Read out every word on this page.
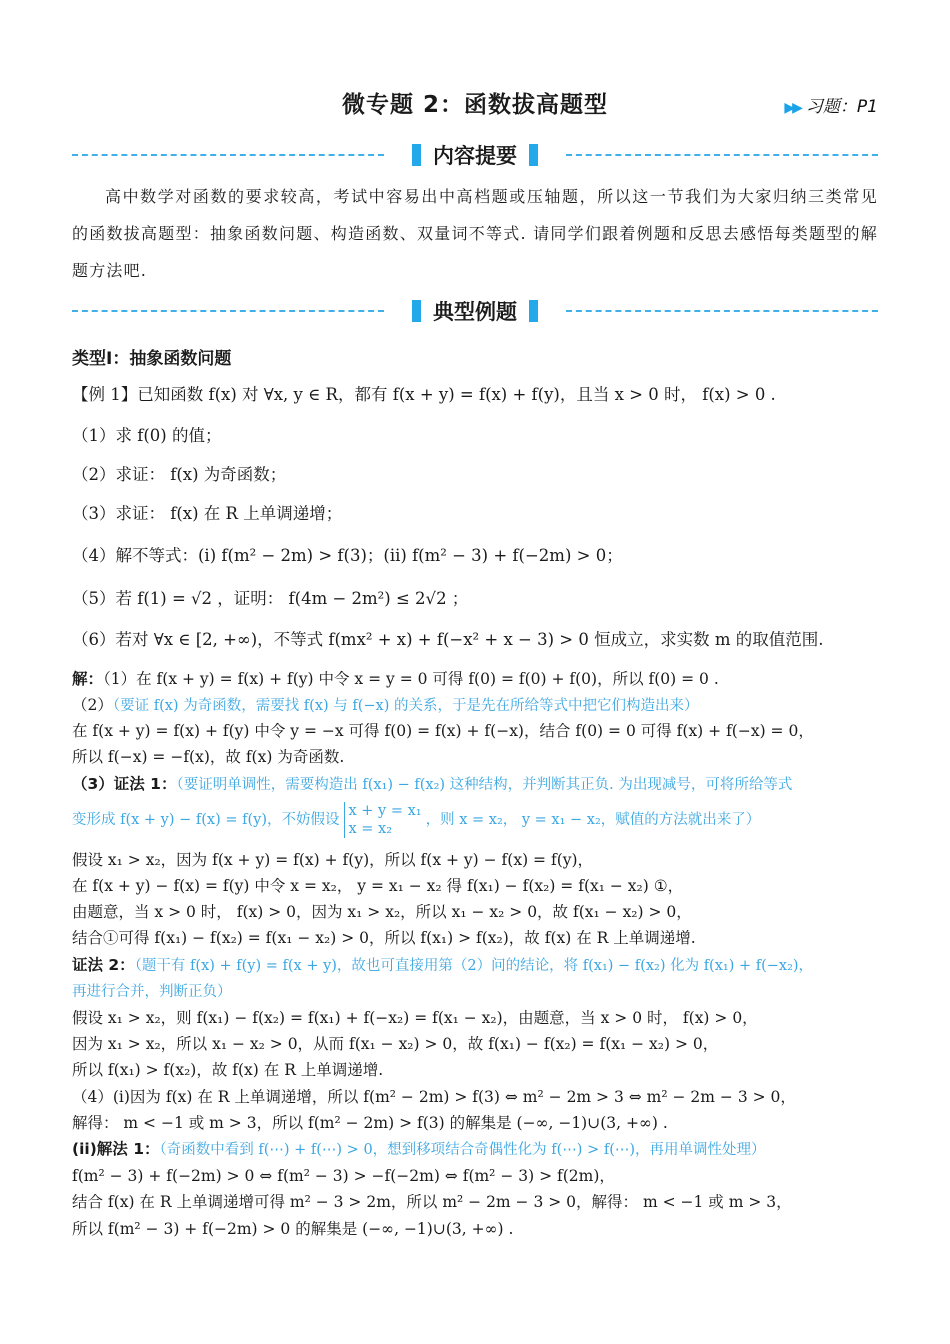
微专题 2：函数拔高题型	▶▶ 习题：P1
内容提要
高中数学对函数的要求较高，考试中容易出中高档题或压轴题，所以这一节我们为大家归纳三类常见的函数拔高题型：抽象函数问题、构造函数、双量词不等式. 请同学们跟着例题和反思去感悟每类题型的解题方法吧.
典型例题
类型Ⅰ：抽象函数问题
【例 1】已知函数 f(x) 对 ∀x, y ∈ R，都有 f(x + y) = f(x) + f(y)，且当 x > 0 时， f(x) > 0 .
（1）求 f(0) 的值；
（2）求证： f(x) 为奇函数；
（3）求证： f(x) 在 R 上单调递增；
（4）解不等式：(i) f(m² − 2m) > f(3)；(ii) f(m² − 3) + f(−2m) > 0；
（5）若 f(1) = √2 ，证明： f(4m − 2m²) ≤ 2√2 ；
（6）若对 ∀x ∈ [2, +∞)，不等式 f(mx² + x) + f(−x² + x − 3) > 0 恒成立，求实数 m 的取值范围.
解：（1）在 f(x + y) = f(x) + f(y) 中令 x = y = 0 可得 f(0) = f(0) + f(0)，所以 f(0) = 0 .
（2）（要证 f(x) 为奇函数，需要找 f(x) 与 f(−x) 的关系，于是先在所给等式中把它们构造出来）
在 f(x + y) = f(x) + f(y) 中令 y = −x 可得 f(0) = f(x) + f(−x)，结合 f(0) = 0 可得 f(x) + f(−x) = 0，
所以 f(−x) = −f(x)，故 f(x) 为奇函数.
（3）证法 1：（要证明单调性，需要构造出 f(x₁) − f(x₂) 这种结构，并判断其正负. 为出现减号，可将所给等式
变形成 f(x + y) − f(x) = f(y)，不妨假设
x + y = x₁
x = x₂
，则 x = x₂， y = x₁ − x₂，赋值的方法就出来了）
假设 x₁ > x₂，因为 f(x + y) = f(x) + f(y)，所以 f(x + y) − f(x) = f(y)，
在 f(x + y) − f(x) = f(y) 中令 x = x₂， y = x₁ − x₂ 得 f(x₁) − f(x₂) = f(x₁ − x₂) ①，
由题意，当 x > 0 时， f(x) > 0，因为 x₁ > x₂，所以 x₁ − x₂ > 0，故 f(x₁ − x₂) > 0，
结合①可得 f(x₁) − f(x₂) = f(x₁ − x₂) > 0，所以 f(x₁) > f(x₂)，故 f(x) 在 R 上单调递增.
证法 2：（题干有 f(x) + f(y) = f(x + y)，故也可直接用第（2）问的结论，将 f(x₁) − f(x₂) 化为 f(x₁) + f(−x₂)，
再进行合并，判断正负）
假设 x₁ > x₂，则 f(x₁) − f(x₂) = f(x₁) + f(−x₂) = f(x₁ − x₂)，由题意，当 x > 0 时， f(x) > 0，
因为 x₁ > x₂，所以 x₁ − x₂ > 0，从而 f(x₁ − x₂) > 0，故 f(x₁) − f(x₂) = f(x₁ − x₂) > 0，
所以 f(x₁) > f(x₂)，故 f(x) 在 R 上单调递增.
（4）(i)因为 f(x) 在 R 上单调递增，所以 f(m² − 2m) > f(3) ⇔ m² − 2m > 3 ⇔ m² − 2m − 3 > 0，
解得： m < −1 或 m > 3，所以 f(m² − 2m) > f(3) 的解集是 (−∞, −1)∪(3, +∞) .
(ii)解法 1：（奇函数中看到 f(⋯) + f(⋯) > 0，想到移项结合奇偶性化为 f(⋯) > f(⋯)，再用单调性处理）
f(m² − 3) + f(−2m) > 0 ⇔ f(m² − 3) > −f(−2m) ⇔ f(m² − 3) > f(2m)，
结合 f(x) 在 R 上单调递增可得 m² − 3 > 2m，所以 m² − 2m − 3 > 0，解得： m < −1 或 m > 3，
所以 f(m² − 3) + f(−2m) > 0 的解集是 (−∞, −1)∪(3, +∞) .
